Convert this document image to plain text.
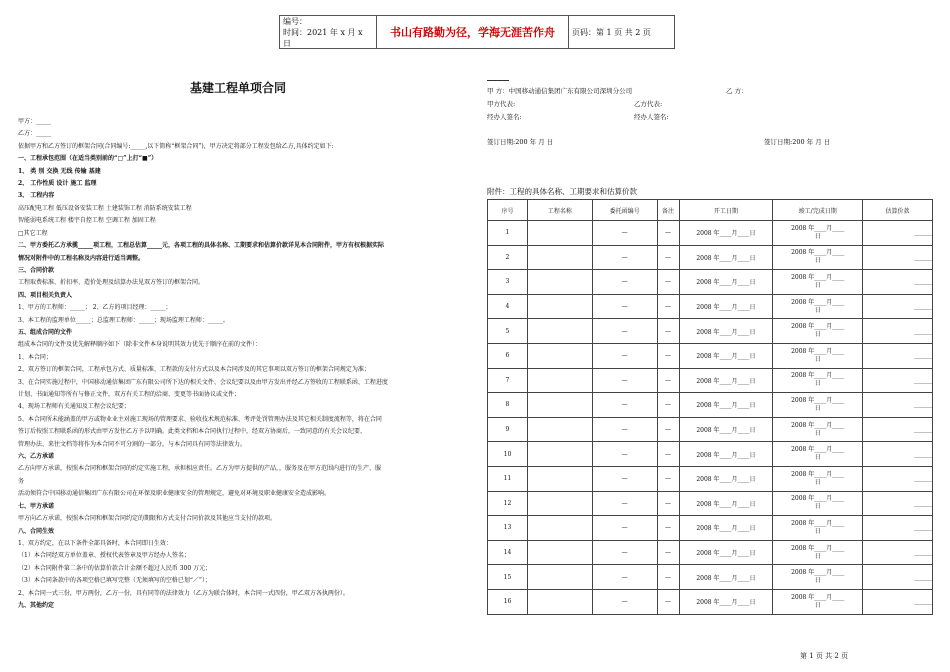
编号：
时间：2021 年 x 月 x 日
书山有路勤为径，学海无涯苦作舟 页码：第 1 页 共 2 页
基建工程单项合同
甲方：_____
乙方：_____
依据甲方和乙方签订的框架合同(合同编号:_____,以下简称“框架合同”)，甲方决定将部分工程发包给乙方,具体约定如下:
一、工程承包范围（在适当类别前的“□”上打“■”）
1、 类 别 交换 无线 传输 基建
2、 工作性质 设计 施工 监理
3、 工程内容
高压配电工程 低压设备安装工程 土建装饰工程 消防系统安装工程
智能弱电系统工程 楼宇自控工程 空调工程 加固工程
□其它工程
二、甲方委托乙方承揽_____项工程，工程总估算_____元，各项工程的具体名称、工期要求和估算价款详见本合同附件，甲方有权根据实际
情况对附件中的工程名称及内容进行适当调整。
三、合同价款
工程取费标准、折扣率、造价处理及结算办法见双方签订的框架合同。
四、项目相关负责人
1、甲方的工程师：_____； 2、乙方的项目经理：_____；
3、本工程的监理单位_____；总监理工程师：_____；现场监理工程师：_____。
五、组成合同的文件
组成本合同的文件及优先解释顺序如下（除非文件本身说明其效力优先于顺序在前的文件）：
1、本合同；
2、双方签订的框架合同，工程承包方式、质量标准、工程款的支付方式以及本合同涉及的其它事项以双方签订的框架合同规定为准；
3、在合同实施过程中，中国移动通信集团广东有限公司所下达的相关文件、会议纪要以及由甲方发出并经乙方签收的工程联系函、工程进度
计划、书面通知等所有与修正文件，双方有关工程的洽商、变更等书面协议或文件；
4、现场工程师有关通知及工程会议纪要；
5、本合同所未能涵盖的甲方或物业业主对施工现场的管理要求、验收技术规范标准、考评处罚管理办法及其它相关制度流程等，将在合同
签订后按照工程联系函的形式由甲方发往乙方予以明确。此类文档和本合同执行过程中，经双方协商后，一致同意的有关会议纪要、
管理办法、来往文档等将作为本合同不可分割的一部分，与本合同具有同等法律效力。
六、乙方承诺
乙方向甲方承诺，按照本合同和框架合同的约定实施工程，承担相应责任。乙方为甲方提供的产品，，服务及在甲方范围内进行的生产、服
务
活动须符合中国移动通信集团广东有限公司在环保及职业健康安全的管理规定，避免对环境及职业健康安全造成影响。
七、甲方承诺
甲方向乙方承诺，按照本合同和框架合同约定的期限和方式支付合同价款及其他应当支付的款项。
八、合同生效
1、双方约定，在以下条件全部具备时，本合同即日生效：
（1）本合同经双方单位盖章、授权代表签章及甲方经办人签名；
（2）本合同附件第二条中的估算价款合计金额不超过人民币 300 万元；
（3）本合同条款中的各项空格已填写完整（无须填写的空格已划“／”）；
2、本合同一式三份，甲方两份，乙方一份，具有同等的法律效力（乙方为联合体时，本合同一式四份，甲乙双方各执两份）。
九、其他约定
甲 方：中国移动通信集团广东有限公司深圳分公司	乙 方：
甲方代表:	乙方代表:
经办人签名:	经办人签名:
签订日期:200 年 月 日	签订日期:200 年 月 日
附件：工程的具体名称、工期要求和估算价款
序号	工程名称	委托函编号	备注	开工日期	竣工/完成日期	估算价款
1		—	—	2008 年____月____日	2008 年____月____
日	______
2		—	—	2008 年____月____日	2008 年____月____
日	______
3		—	—	2008 年____月____日	2008 年____月____
日	______
4		—	—	2008 年____月____日	2008 年____月____
日	______
5		—	—	2008 年____月____日	2008 年____月____
日	______
6		—	—	2008 年____月____日	2008 年____月____
日	______
7		—	—	2008 年____月____日	2008 年____月____
日	______
8		—	—	2008 年____月____日	2008 年____月____
日	______
9		—	—	2008 年____月____日	2008 年____月____
日	______
10		—	—	2008 年____月____日	2008 年____月____
日	______
11		—	—	2008 年____月____日	2008 年____月____
日	______
12		—	—	2008 年____月____日	2008 年____月____
日	______
13		—	—	2008 年____月____日	2008 年____月____
日	______
14		—	—	2008 年____月____日	2008 年____月____
日	______
15		—	—	2008 年____月____日	2008 年____月____
日	______
16		—	—	2008 年____月____日	2008 年____月____
日	______
第 1 页 共 2 页
